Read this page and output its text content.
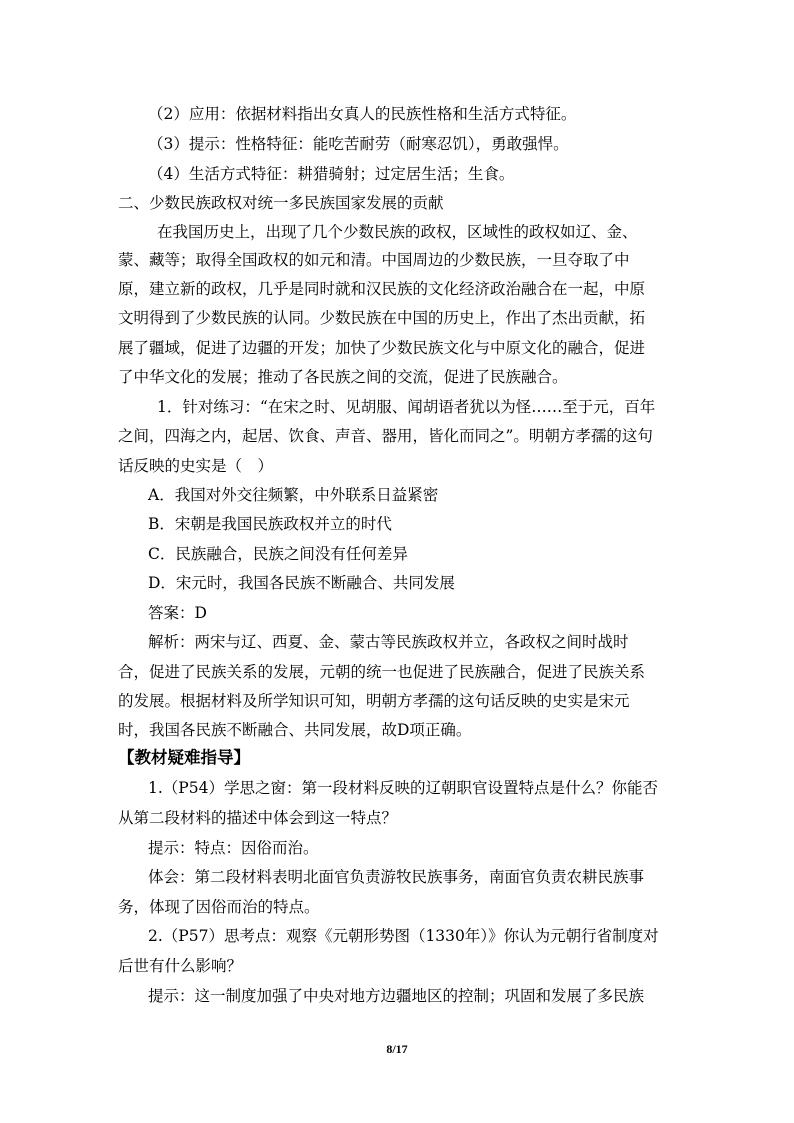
（2）应用：依据材料指出女真人的民族性格和生活方式特征。

（3）提示：性格特征：能吃苦耐劳（耐寒忍饥），勇敢强悍。

（4）生活方式特征：耕猎骑射；过定居生活；生食。

二、少数民族政权对统一多民族国家发展的贡献

在我国历史上，出现了几个少数民族的政权，区域性的政权如辽、金、

蒙、藏等；取得全国政权的如元和清。中国周边的少数民族，一旦夺取了中

原，建立新的政权，几乎是同时就和汉民族的文化经济政治融合在一起，中原

文明得到了少数民族的认同。少数民族在中国的历史上，作出了杰出贡献，拓

展了疆域，促进了边疆的开发；加快了少数民族文化与中原文化的融合，促进

了中华文化的发展；推动了各民族之间的交流，促进了民族融合。

1．针对练习：“在宋之时、见胡服、闻胡语者犹以为怪……至于元，百年

之间，四海之内，起居、饮食、声音、器用，皆化而同之”。明朝方孝孺的这句

话反映的史实是（　）

A．我国对外交往频繁，中外联系日益紧密

B．宋朝是我国民族政权并立的时代

C．民族融合，民族之间没有任何差异

D．宋元时，我国各民族不断融合、共同发展

答案：D

解析：两宋与辽、西夏、金、蒙古等民族政权并立，各政权之间时战时

合，促进了民族关系的发展，元朝的统一也促进了民族融合，促进了民族关系

的发展。根据材料及所学知识可知，明朝方孝孺的这句话反映的史实是宋元

时，我国各民族不断融合、共同发展，故D项正确。

【教材疑难指导】

1.（P54）学思之窗：第一段材料反映的辽朝职官设置特点是什么？你能否

从第二段材料的描述中体会到这一特点？

提示：特点：因俗而治。

体会：第二段材料表明北面官负责游牧民族事务，南面官负责农耕民族事

务，体现了因俗而治的特点。

2.（P57）思考点：观察《元朝形势图（1330年）》你认为元朝行省制度对

后世有什么影响？

提示：这一制度加强了中央对地方边疆地区的控制；巩固和发展了多民族

8/17
